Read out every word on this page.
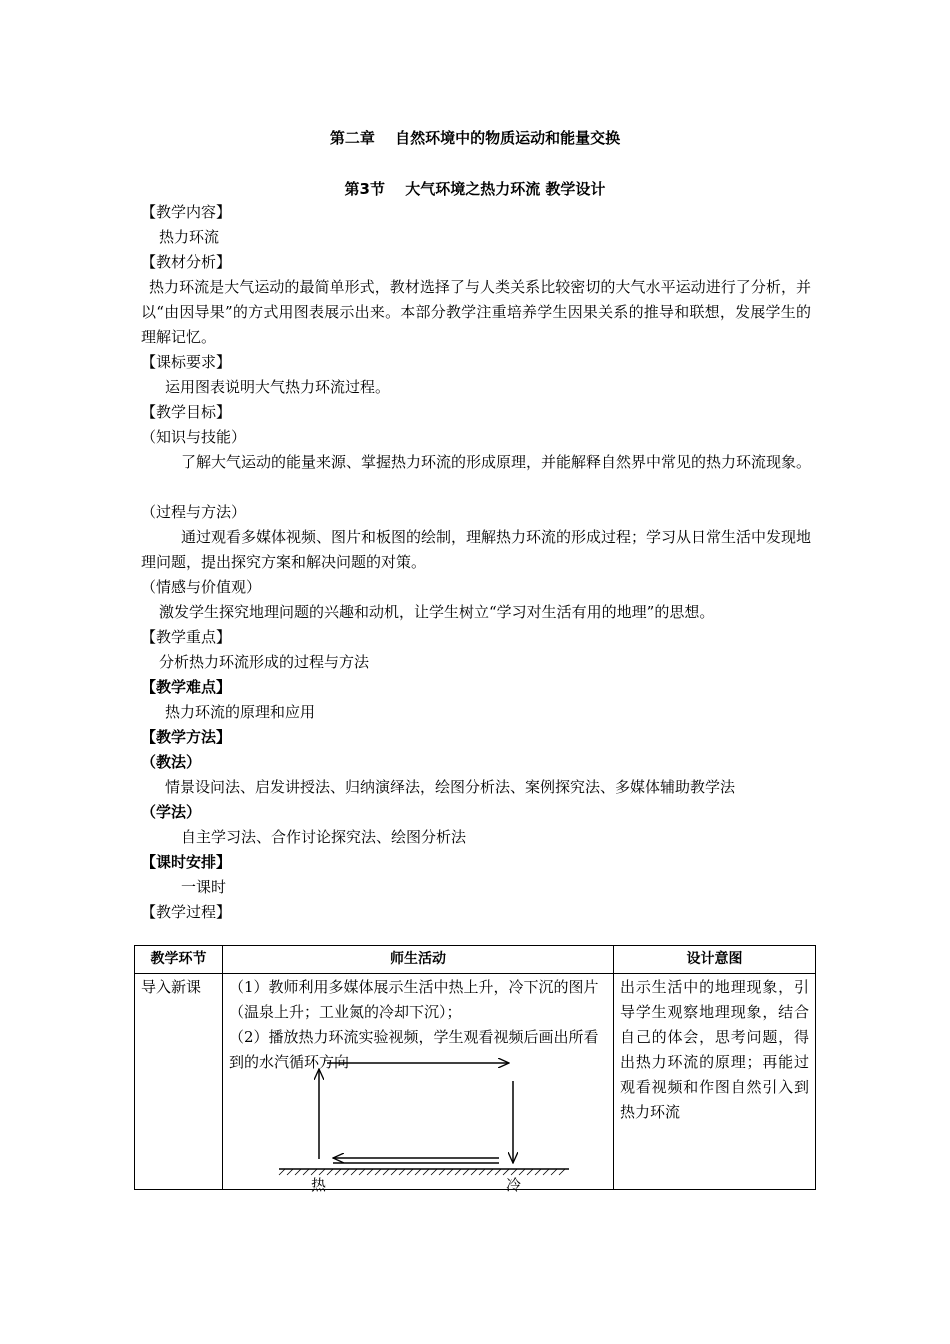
第二章　 自然环境中的物质运动和能量交换
第3节　 大气环境之热力环流 教学设计
【教学内容】
热力环流
【教材分析】
热力环流是大气运动的最简单形式，教材选择了与人类关系比较密切的大气水平运动进行了分析，并以“由因导果”的方式用图表展示出来。本部分教学注重培养学生因果关系的推导和联想，发展学生的理解记忆。
【课标要求】
运用图表说明大气热力环流过程。
【教学目标】
（知识与技能）
了解大气运动的能量来源、掌握热力环流的形成原理，并能解释自然界中常见的热力环流现象。
（过程与方法）
通过观看多媒体视频、图片和板图的绘制，理解热力环流的形成过程；学习从日常生活中发现地理问题，提出探究方案和解决问题的对策。
（情感与价值观）
激发学生探究地理问题的兴趣和动机，让学生树立“学习对生活有用的地理”的思想。
【教学重点】
分析热力环流形成的过程与方法
【教学难点】
热力环流的原理和应用
【教学方法】
（教法）
情景设问法、启发讲授法、归纳演绎法，绘图分析法、案例探究法、多媒体辅助教学法
（学法）
自主学习法、合作讨论探究法、绘图分析法
【课时安排】
一课时
【教学过程】
教学环节	师生活动	设计意图
导入新课	（1）教师利用多媒体展示生活中热上升，冷下沉的图片（温泉上升；工业氮的冷却下沉）；
（2）播放热力环流实验视频，学生观看视频后画出所看到的水汽循环方向
热 冷	出示生活中的地理现象，引导学生观察地理现象，结合自己的体会，思考问题，得出热力环流的原理；再能过观看视频和作图自然引入到热力环流
